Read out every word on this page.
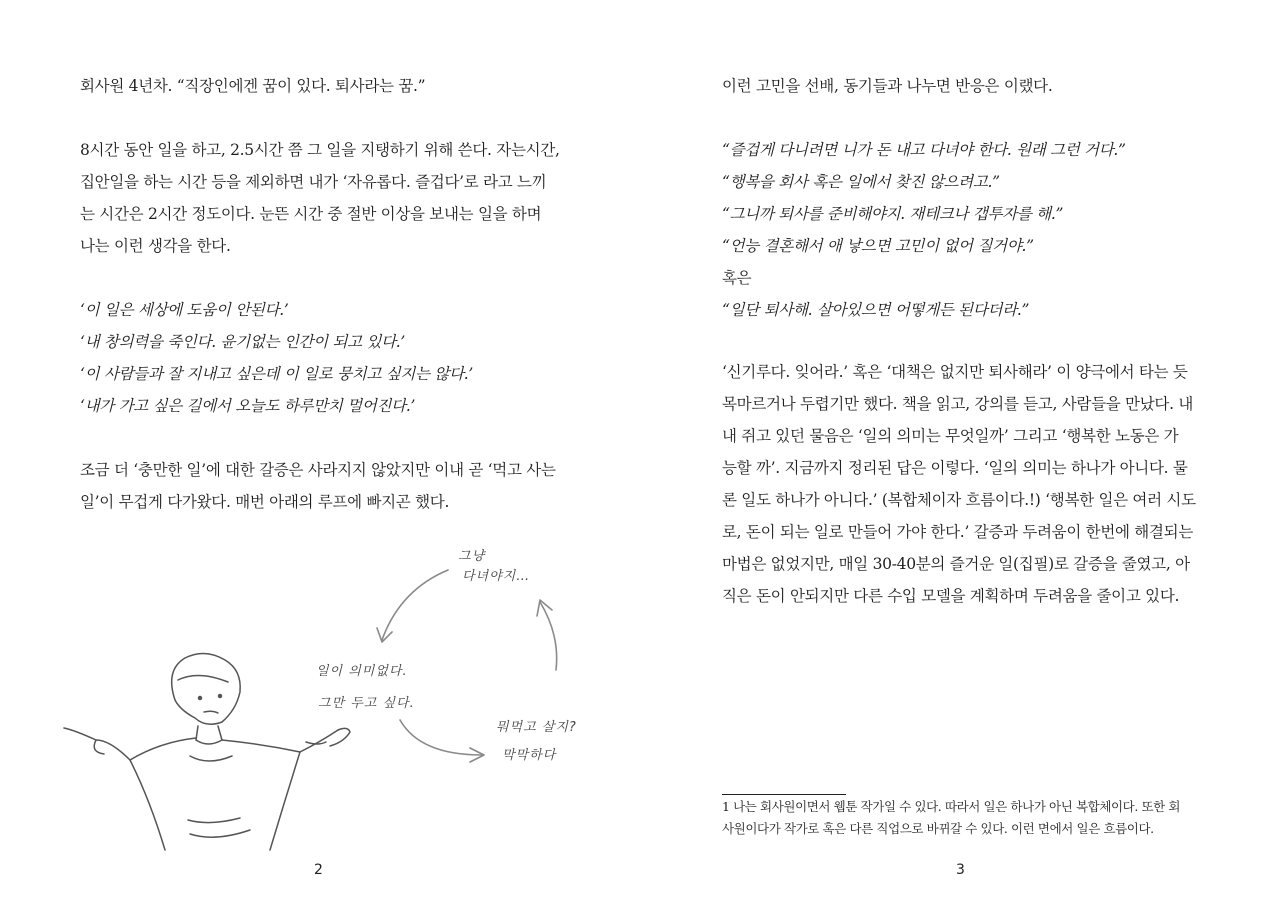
회사원 4년차. “직장인에겐 꿈이 있다. 퇴사라는 꿈.”
8시간 동안 일을 하고, 2.5시간 쯤 그 일을 지탱하기 위해 쓴다. 자는시간,
집안일을 하는 시간 등을 제외하면 내가 ‘자유롭다. 즐겁다’로 라고 느끼
는 시간은 2시간 정도이다. 눈뜬 시간 중 절반 이상을 보내는 일을 하며
나는 이런 생각을 한다.
‘이 일은 세상에 도움이 안된다.’
‘내 창의력을 죽인다. 윤기없는 인간이 되고 있다.’
‘이 사람들과 잘 지내고 싶은데 이 일로 뭉치고 싶지는 않다.’
‘내가 가고 싶은 길에서 오늘도 하루만치 멀어진다.’
조금 더 ‘충만한 일’에 대한 갈증은 사라지지 않았지만 이내 곧 ‘먹고 사는
일’이 무겁게 다가왔다. 매번 아래의 루프에 빠지곤 했다.
그냥
다녀야지…
일이 의미없다.
그만 두고 싶다.
뭐먹고 살지?
막막하다
2
이런 고민을 선배, 동기들과 나누면 반응은 이랬다.
“즐겁게 다니려면 니가 돈 내고 다녀야 한다. 원래 그런 거다.”
“행복을 회사 혹은 일에서 찾진 않으려고.”
“그니까 퇴사를 준비해야지. 재테크나 갭투자를 해.”
“언능 결혼해서 애 낳으면 고민이 없어 질거야.”
혹은
“일단 퇴사해. 살아있으면 어떻게든 된다더라.”
‘신기루다. 잊어라.’ 혹은 ‘대책은 없지만 퇴사해라’ 이 양극에서 타는 듯
목마르거나 두렵기만 했다. 책을 읽고, 강의를 듣고, 사람들을 만났다. 내
내 쥐고 있던 물음은 ‘일의 의미는 무엇일까’ 그리고 ‘행복한 노동은 가
능할 까’. 지금까지 정리된 답은 이렇다. ‘일의 의미는 하나가 아니다. 물
론 일도 하나가 아니다.’ (복합체이자 흐름이다.!) ‘행복한 일은 여러 시도
로, 돈이 되는 일로 만들어 가야 한다.’ 갈증과 두려움이 한번에 해결되는
마법은 없었지만, 매일 30-40분의 즐거운 일(집필)로 갈증을 줄였고, 아
직은 돈이 안되지만 다른 수입 모델을 계획하며 두려움을 줄이고 있다.
3
1 나는 회사원이면서 웹툰 작가일 수 있다. 따라서 일은 하나가 아닌 복합체이다. 또한 회
사원이다가 작가로 혹은 다른 직업으로 바뀌갈 수 있다. 이런 면에서 일은 흐름이다.
